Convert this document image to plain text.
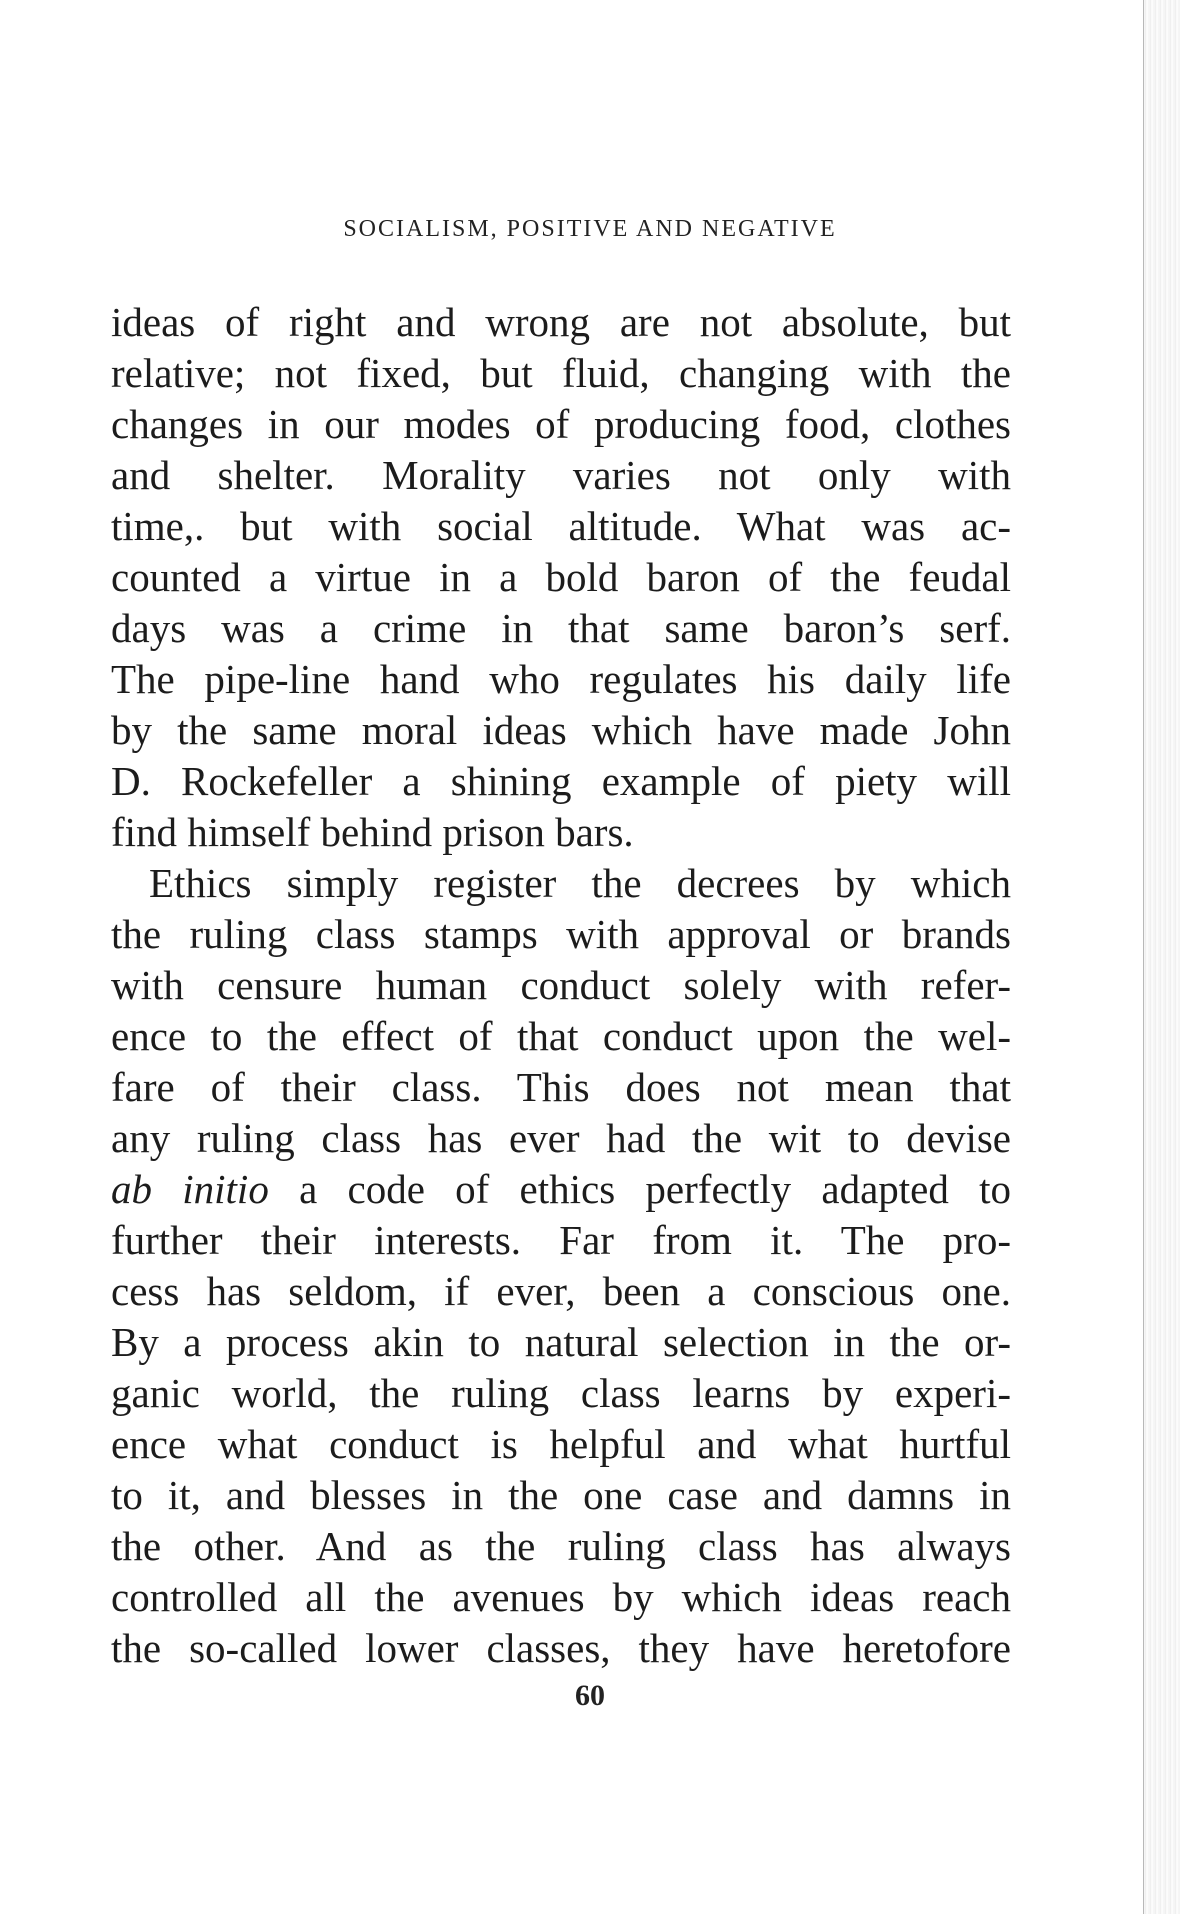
SOCIALISM, POSITIVE AND NEGATIVE
ideas of right and wrong are not absolute, but
relative; not fixed, but fluid, changing with the
changes in our modes of producing food, clothes
and shelter. Morality varies not only with
time,. but with social altitude. What was ac-
counted a virtue in a bold baron of the feudal
days was a crime in that same baron’s serf.
The pipe-line hand who regulates his daily life
by the same moral ideas which have made John
D. Rockefeller a shining example of piety will
find himself behind prison bars.
Ethics simply register the decrees by which
the ruling class stamps with approval or brands
with censure human conduct solely with refer-
ence to the effect of that conduct upon the wel-
fare of their class. This does not mean that
any ruling class has ever had the wit to devise
ab initio a code of ethics perfectly adapted to
further their interests. Far from it. The pro-
cess has seldom, if ever, been a conscious one.
By a process akin to natural selection in the or-
ganic world, the ruling class learns by experi-
ence what conduct is helpful and what hurtful
to it, and blesses in the one case and damns in
the other. And as the ruling class has always
controlled all the avenues by which ideas reach
the so-called lower classes, they have heretofore
60
